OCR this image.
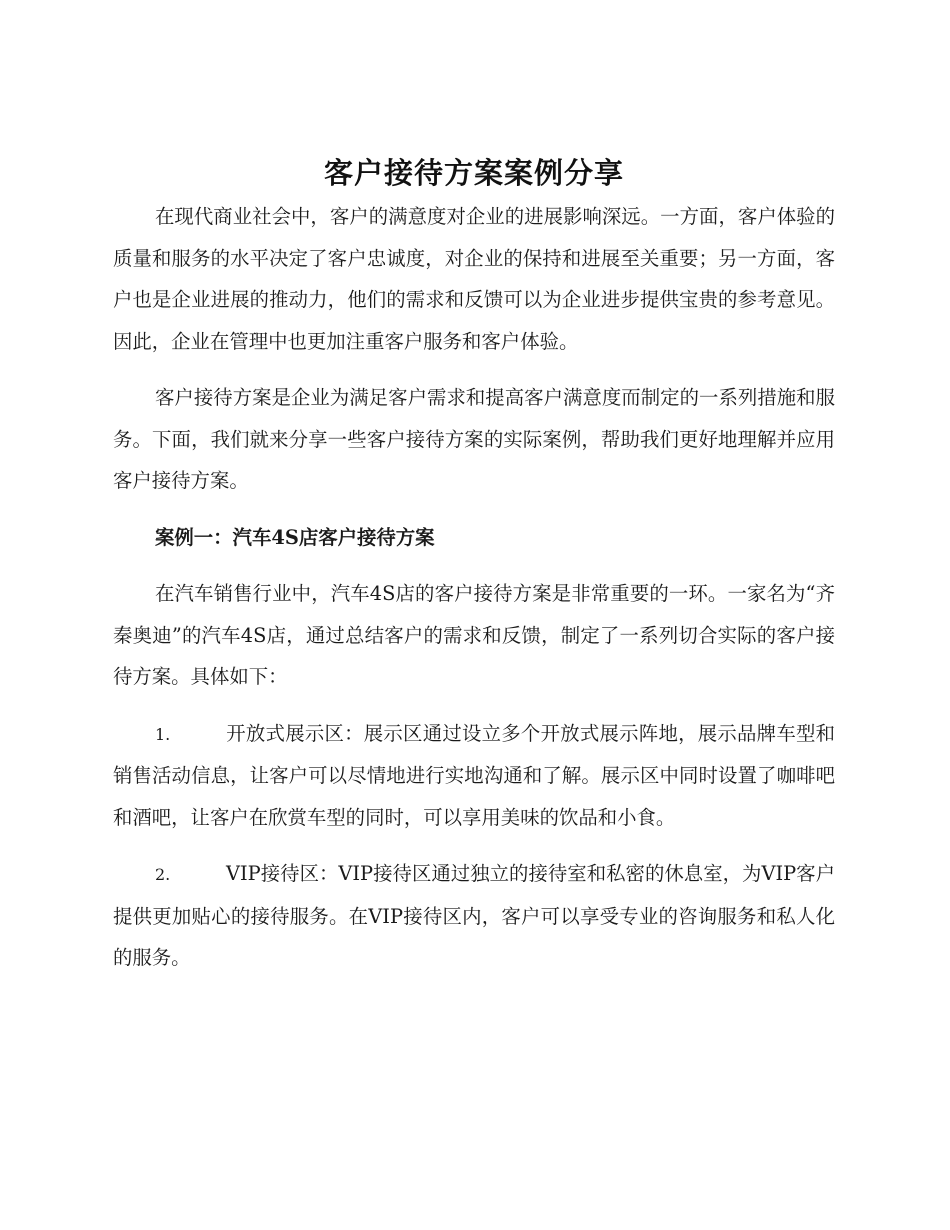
客户接待方案案例分享

在现代商业社会中，客户的满意度对企业的进展影响深远。一方面，客户体验的质量和服务的水平决定了客户忠诚度，对企业的保持和进展至关重要；另一方面，客户也是企业进展的推动力，他们的需求和反馈可以为企业进步提供宝贵的参考意见。因此，企业在管理中也更加注重客户服务和客户体验。

客户接待方案是企业为满足客户需求和提高客户满意度而制定的一系列措施和服务。下面，我们就来分享一些客户接待方案的实际案例，帮助我们更好地理解并应用客户接待方案。

案例一：汽车4S店客户接待方案

在汽车销售行业中，汽车4S店的客户接待方案是非常重要的一环。一家名为“齐秦奥迪”的汽车4S店，通过总结客户的需求和反馈，制定了一系列切合实际的客户接待方案。具体如下：

1.	开放式展示区：展示区通过设立多个开放式展示阵地，展示品牌车型和销售活动信息，让客户可以尽情地进行实地沟通和了解。展示区中同时设置了咖啡吧和酒吧，让客户在欣赏车型的同时，可以享用美味的饮品和小食。

2.	VIP接待区：VIP接待区通过独立的接待室和私密的休息室，为VIP客户提供更加贴心的接待服务。在VIP接待区内，客户可以享受专业的咨询服务和私人化的服务。
